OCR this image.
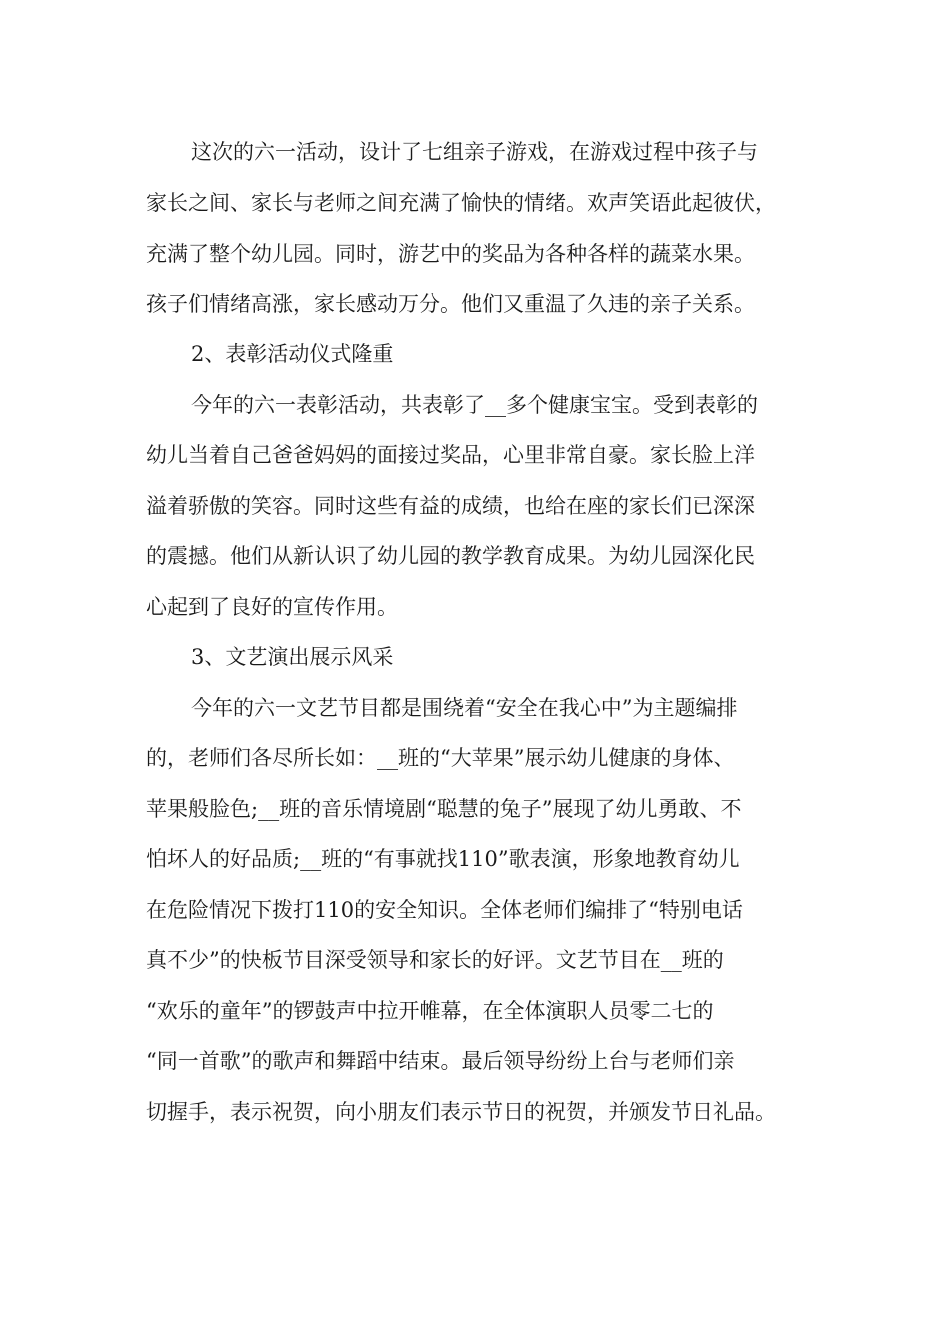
这次的六一活动，设计了七组亲子游戏，在游戏过程中孩子与
家长之间、家长与老师之间充满了愉快的情绪。欢声笑语此起彼伏，
充满了整个幼儿园。同时，游艺中的奖品为各种各样的蔬菜水果。
孩子们情绪高涨，家长感动万分。他们又重温了久违的亲子关系。
2、表彰活动仪式隆重
今年的六一表彰活动，共表彰了__多个健康宝宝。受到表彰的
幼儿当着自己爸爸妈妈的面接过奖品，心里非常自豪。家长脸上洋
溢着骄傲的笑容。同时这些有益的成绩，也给在座的家长们已深深
的震撼。他们从新认识了幼儿园的教学教育成果。为幼儿园深化民
心起到了良好的宣传作用。
3、文艺演出展示风采
今年的六一文艺节目都是围绕着“安全在我心中”为主题编排
的，老师们各尽所长如：__班的“大苹果”展示幼儿健康的身体、
苹果般脸色;__班的音乐情境剧“聪慧的兔子”展现了幼儿勇敢、不
怕坏人的好品质;__班的“有事就找110”歌表演，形象地教育幼儿
在危险情况下拨打110的安全知识。全体老师们编排了“特别电话
真不少”的快板节目深受领导和家长的好评。文艺节目在__班的
“欢乐的童年”的锣鼓声中拉开帷幕，在全体演职人员零二七的
“同一首歌”的歌声和舞蹈中结束。最后领导纷纷上台与老师们亲
切握手，表示祝贺，向小朋友们表示节日的祝贺，并颁发节日礼品。
